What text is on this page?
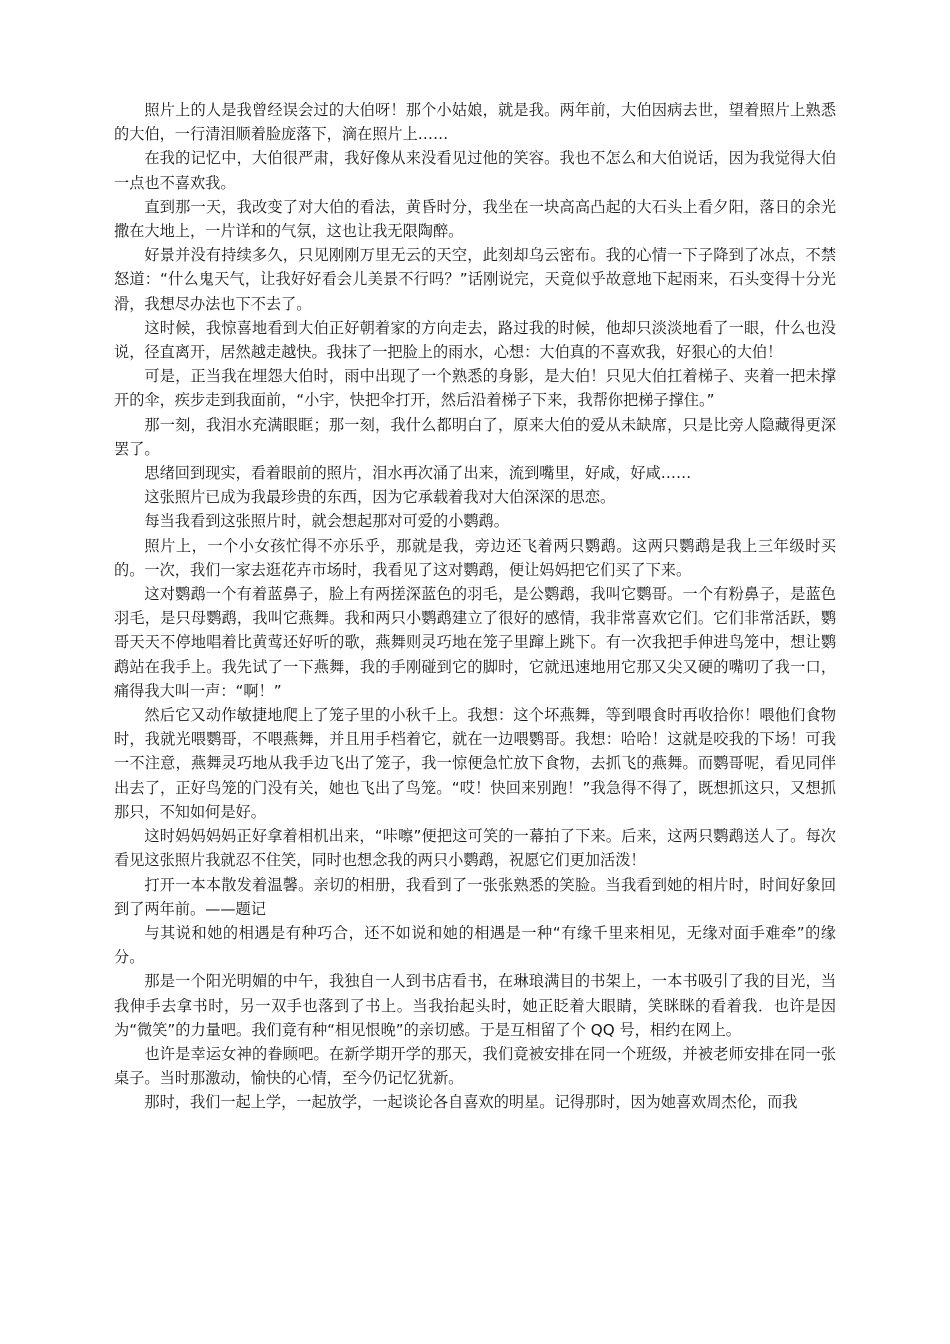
照片上的人是我曾经误会过的大伯呀！那个小姑娘，就是我。两年前，大伯因病去世，望着照片上熟悉的大伯，一行清泪顺着脸庞落下，滴在照片上……

在我的记忆中，大伯很严肃，我好像从来没看见过他的笑容。我也不怎么和大伯说话，因为我觉得大伯一点也不喜欢我。

直到那一天，我改变了对大伯的看法，黄昏时分，我坐在一块高高凸起的大石头上看夕阳，落日的余光撒在大地上，一片详和的气氛，这也让我无限陶醉。

好景并没有持续多久，只见刚刚万里无云的天空，此刻却乌云密布。我的心情一下子降到了冰点，不禁怒道：“什么鬼天气，让我好好看会儿美景不行吗？”话刚说完，天竟似乎故意地下起雨来，石头变得十分光滑，我想尽办法也下不去了。

这时候，我惊喜地看到大伯正好朝着家的方向走去，路过我的时候，他却只淡淡地看了一眼，什么也没说，径直离开，居然越走越快。我抹了一把脸上的雨水，心想：大伯真的不喜欢我，好狠心的大伯！

可是，正当我在埋怨大伯时，雨中出现了一个熟悉的身影，是大伯！只见大伯扛着梯子、夹着一把未撑开的伞，疾步走到我面前，“小宇，快把伞打开，然后沿着梯子下来，我帮你把梯子撑住。”

那一刻，我泪水充满眼眶；那一刻，我什么都明白了，原来大伯的爱从未缺席，只是比旁人隐藏得更深罢了。

思绪回到现实，看着眼前的照片，泪水再次涌了出来，流到嘴里，好咸，好咸……

这张照片已成为我最珍贵的东西，因为它承载着我对大伯深深的思恋。

每当我看到这张照片时，就会想起那对可爱的小鹦鹉。

照片上，一个小女孩忙得不亦乐乎，那就是我，旁边还飞着两只鹦鹉。这两只鹦鹉是我上三年级时买的。一次，我们一家去逛花卉市场时，我看见了这对鹦鹉，便让妈妈把它们买了下来。

这对鹦鹉一个有着蓝鼻子，脸上有两搓深蓝色的羽毛，是公鹦鹉，我叫它鹦哥。一个有粉鼻子，是蓝色羽毛，是只母鹦鹉，我叫它燕舞。我和两只小鹦鹉建立了很好的感情，我非常喜欢它们。它们非常活跃，鹦哥天天不停地唱着比黄莺还好听的歌，燕舞则灵巧地在笼子里蹿上跳下。有一次我把手伸进鸟笼中，想让鹦鹉站在我手上。我先试了一下燕舞，我的手刚碰到它的脚时，它就迅速地用它那又尖又硬的嘴叨了我一口，痛得我大叫一声：“啊！”

然后它又动作敏捷地爬上了笼子里的小秋千上。我想：这个坏燕舞，等到喂食时再收拾你！喂他们食物时，我就光喂鹦哥，不喂燕舞，并且用手档着它，就在一边喂鹦哥。我想：哈哈！这就是咬我的下场！可我一不注意，燕舞灵巧地从我手边飞出了笼子，我一惊便急忙放下食物，去抓飞的燕舞。而鹦哥呢，看见同伴出去了，正好鸟笼的门没有关，她也飞出了鸟笼。“哎！快回来别跑！”我急得不得了，既想抓这只，又想抓那只，不知如何是好。

这时妈妈妈妈正好拿着相机出来，“咔嚓”便把这可笑的一幕拍了下来。后来，这两只鹦鹉送人了。每次看见这张照片我就忍不住笑，同时也想念我的两只小鹦鹉，祝愿它们更加活泼！

打开一本本散发着温馨。亲切的相册，我看到了一张张熟悉的笑脸。当我看到她的相片时，时间好象回到了两年前。——题记

与其说和她的相遇是有种巧合，还不如说和她的相遇是一种“有缘千里来相见，无缘对面手难牵”的缘分。

那是一个阳光明媚的中午，我独自一人到书店看书，在琳琅满目的书架上，一本书吸引了我的目光，当我伸手去拿书时，另一双手也落到了书上。当我抬起头时，她正眨着大眼睛，笑眯眯的看着我．也许是因为“微笑”的力量吧。我们竟有种“相见恨晚”的亲切感。于是互相留了个 QQ 号，相约在网上。

也许是幸运女神的眷顾吧。在新学期开学的那天，我们竟被安排在同一个班级，并被老师安排在同一张桌子。当时那激动，愉快的心情，至今仍记忆犹新。

那时，我们一起上学，一起放学，一起谈论各自喜欢的明星。记得那时，因为她喜欢周杰伦，而我
